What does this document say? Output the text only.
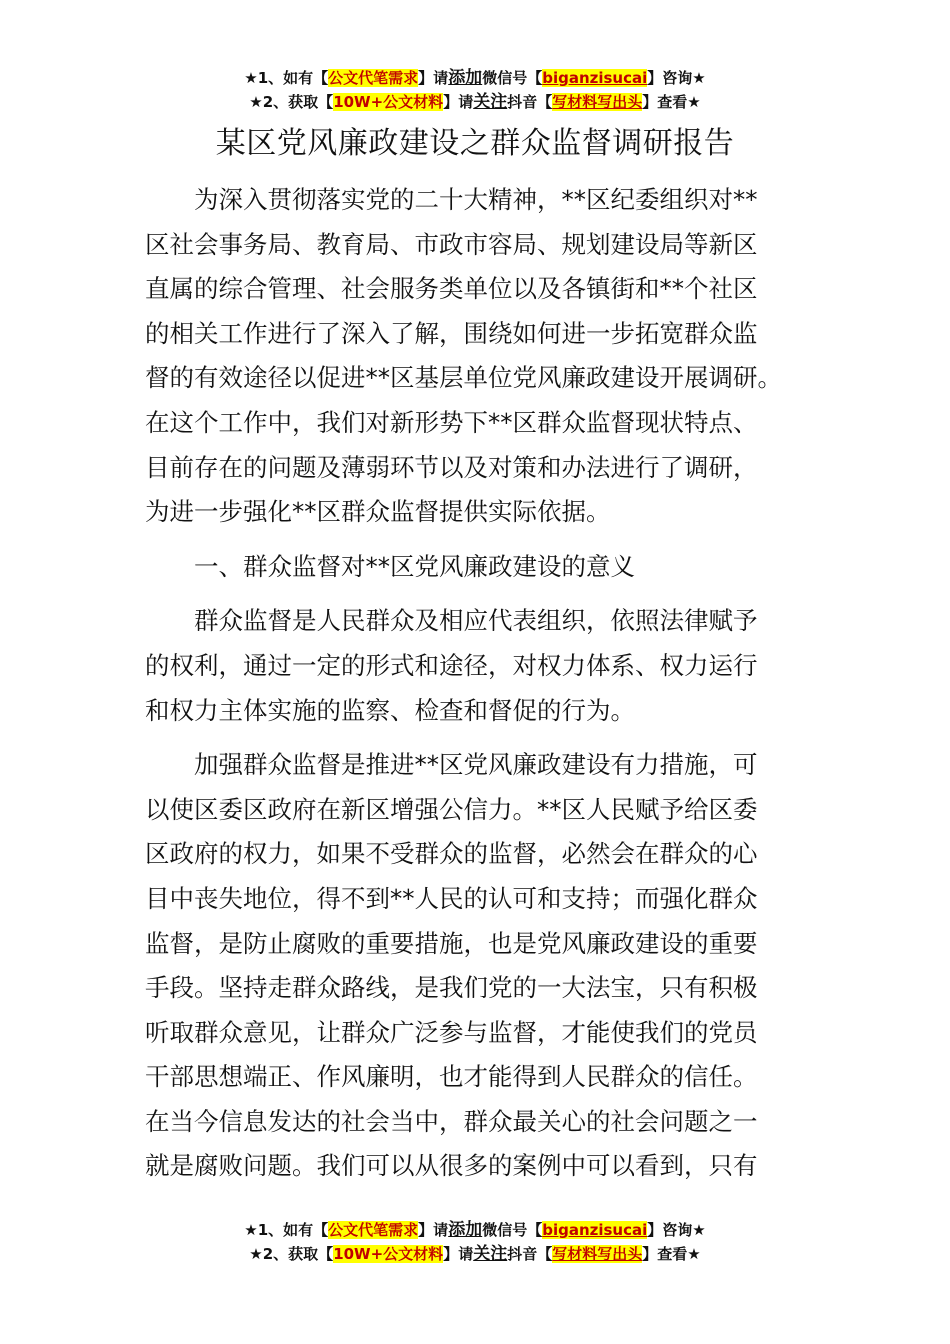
★1、如有【公文代笔需求】请添加微信号【biganzisucai】咨询★
★2、获取【10W+公文材料】请关注抖音【写材料写出头】查看★
某区党风廉政建设之群众监督调研报告

为深入贯彻落实党的二十大精神，**区纪委组织对**
区社会事务局、教育局、市政市容局、规划建设局等新区
直属的综合管理、社会服务类单位以及各镇街和**个社区
的相关工作进行了深入了解，围绕如何进一步拓宽群众监
督的有效途径以促进**区基层单位党风廉政建设开展调研。
在这个工作中，我们对新形势下**区群众监督现状特点、
目前存在的问题及薄弱环节以及对策和办法进行了调研，
为进一步强化**区群众监督提供实际依据。

一、群众监督对**区党风廉政建设的意义

群众监督是人民群众及相应代表组织，依照法律赋予
的权利，通过一定的形式和途径，对权力体系、权力运行
和权力主体实施的监察、检查和督促的行为。

加强群众监督是推进**区党风廉政建设有力措施，可
以使区委区政府在新区增强公信力。**区人民赋予给区委
区政府的权力，如果不受群众的监督，必然会在群众的心
目中丧失地位，得不到**人民的认可和支持；而强化群众
监督，是防止腐败的重要措施，也是党风廉政建设的重要
手段。坚持走群众路线，是我们党的一大法宝，只有积极
听取群众意见，让群众广泛参与监督，才能使我们的党员
干部思想端正、作风廉明，也才能得到人民群众的信任。
在当今信息发达的社会当中，群众最关心的社会问题之一
就是腐败问题。我们可以从很多的案例中可以看到，只有

★1、如有【公文代笔需求】请添加微信号【biganzisucai】咨询★
★2、获取【10W+公文材料】请关注抖音【写材料写出头】查看★
